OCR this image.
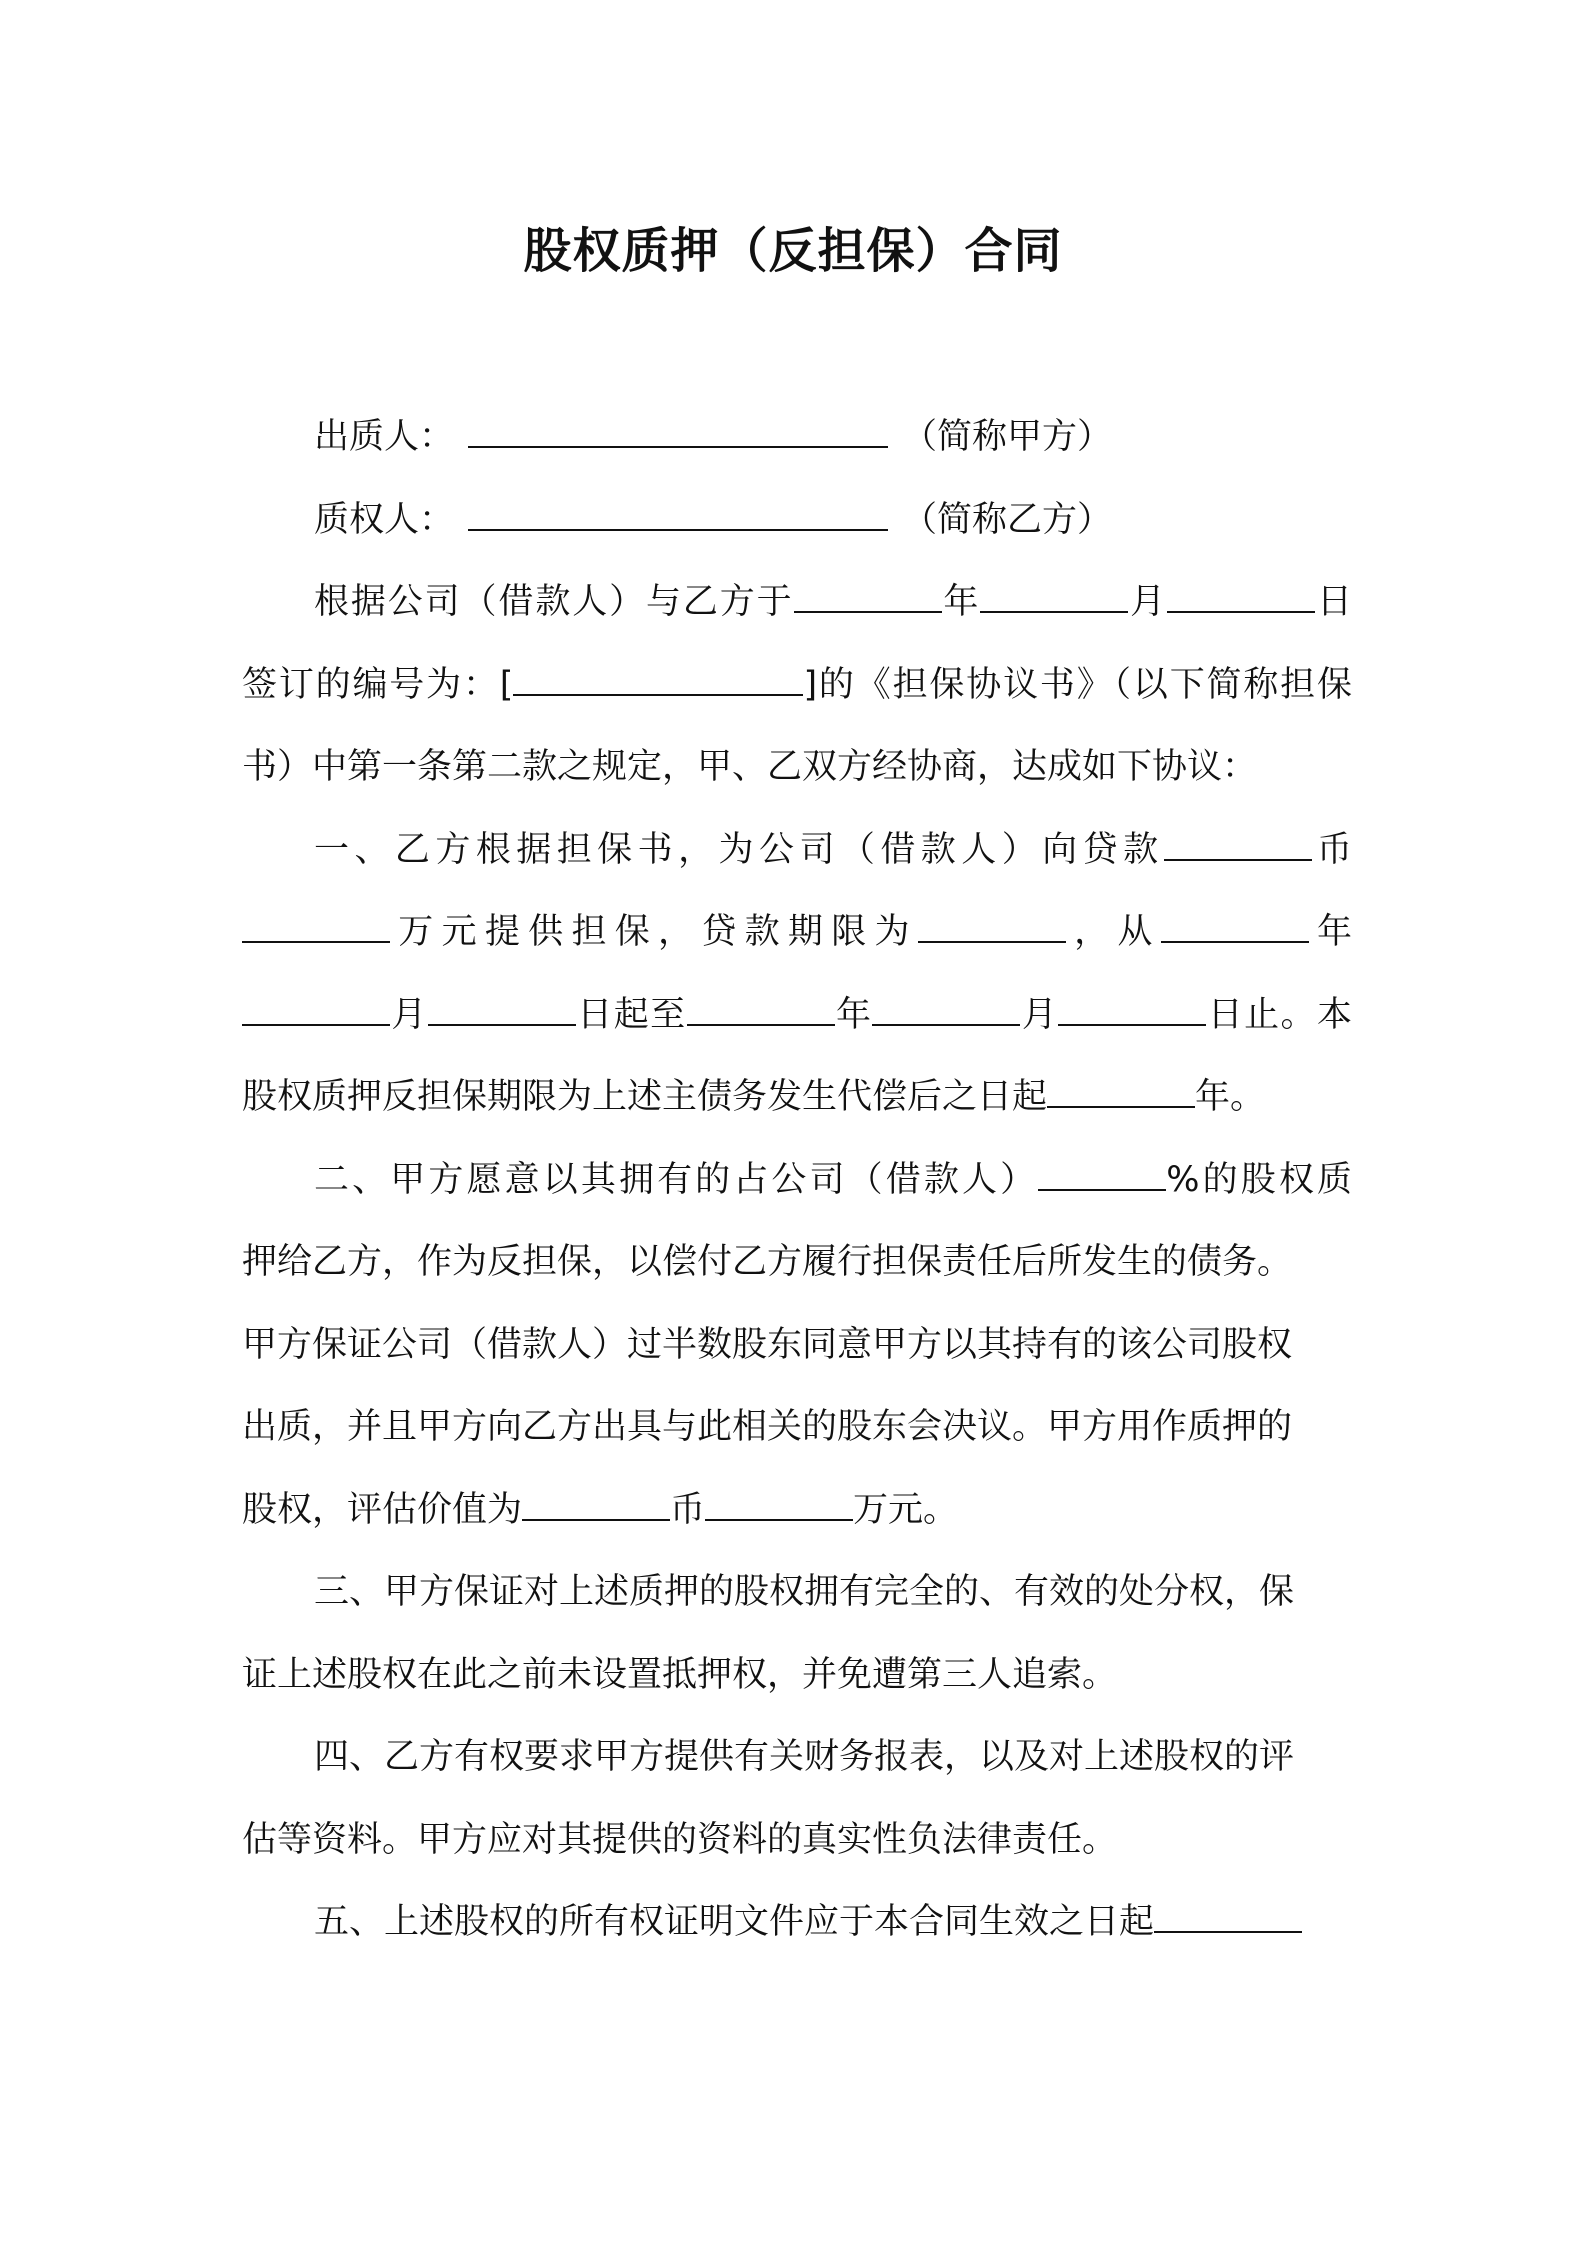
股权质押（反担保）合同
出质人：	（简称甲方）
质权人：	（简称乙方）
根据公司（借款人）与乙方于	年	月	日
签订的编号为：[	]的《担保协议书》（以下简称担保
书）中第一条第二款之规定，甲、乙双方经协商，达成如下协议：
一、乙方根据担保书，为公司（借款人）向贷款	币
万元提供担保，贷款期限为	，从	年
月	日起至	年	月	日止。本
股权质押反担保期限为上述主债务发生代偿后之日起	年。
二、甲方愿意以其拥有的占公司（借款人）	%的股权质
押给乙方，作为反担保，以偿付乙方履行担保责任后所发生的债务。
甲方保证公司（借款人）过半数股东同意甲方以其持有的该公司股权
出质，并且甲方向乙方出具与此相关的股东会决议。甲方用作质押的
股权，评估价值为	币	万元。
三、甲方保证对上述质押的股权拥有完全的、有效的处分权，保
证上述股权在此之前未设置抵押权，并免遭第三人追索。
四、乙方有权要求甲方提供有关财务报表，以及对上述股权的评
估等资料。甲方应对其提供的资料的真实性负法律责任。
五、上述股权的所有权证明文件应于本合同生效之日起
